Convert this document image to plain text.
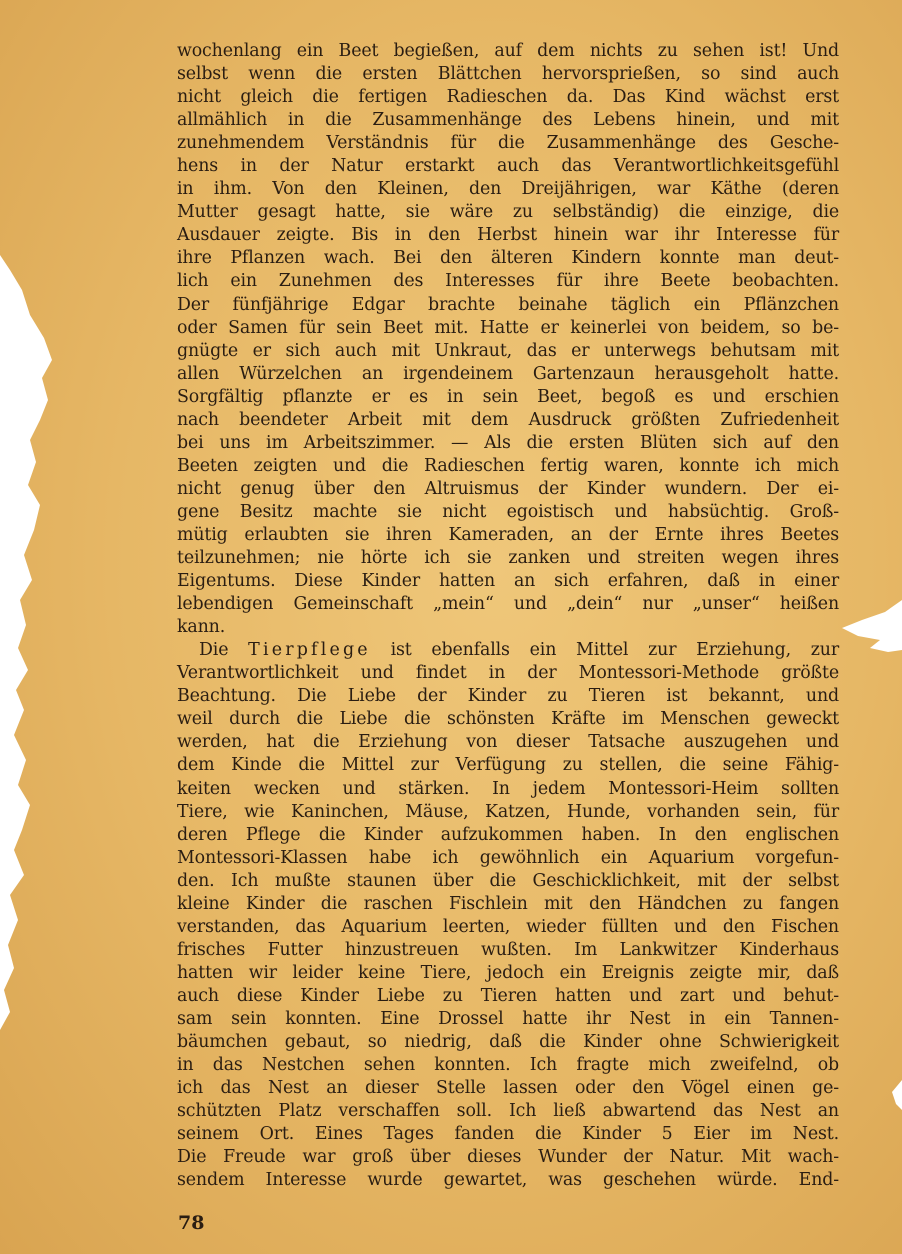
wochenlang ein Beet begießen, auf dem nichts zu sehen ist! Und
selbst wenn die ersten Blättchen hervorsprießen, so sind auch
nicht gleich die fertigen Radieschen da. Das Kind wächst erst
allmählich in die Zusammenhänge des Lebens hinein, und mit
zunehmendem Verständnis für die Zusammenhänge des Gesche-
hens in der Natur erstarkt auch das Verantwortlichkeitsgefühl
in ihm. Von den Kleinen, den Dreijährigen, war Käthe (deren
Mutter gesagt hatte, sie wäre zu selbständig) die einzige, die
Ausdauer zeigte. Bis in den Herbst hinein war ihr Interesse für
ihre Pflanzen wach. Bei den älteren Kindern konnte man deut-
lich ein Zunehmen des Interesses für ihre Beete beobachten.
Der fünfjährige Edgar brachte beinahe täglich ein Pflänzchen
oder Samen für sein Beet mit. Hatte er keinerlei von beidem, so be-
gnügte er sich auch mit Unkraut, das er unterwegs behutsam mit
allen Würzelchen an irgendeinem Gartenzaun herausgeholt hatte.
Sorgfältig pflanzte er es in sein Beet, begoß es und erschien
nach beendeter Arbeit mit dem Ausdruck größten Zufriedenheit
bei uns im Arbeitszimmer. — Als die ersten Blüten sich auf den
Beeten zeigten und die Radieschen fertig waren, konnte ich mich
nicht genug über den Altruismus der Kinder wundern. Der ei-
gene Besitz machte sie nicht egoistisch und habsüchtig. Groß-
mütig erlaubten sie ihren Kameraden, an der Ernte ihres Beetes
teilzunehmen; nie hörte ich sie zanken und streiten wegen ihres
Eigentums. Diese Kinder hatten an sich erfahren, daß in einer
lebendigen Gemeinschaft „mein“ und „dein“ nur „unser“ heißen
kann.
Die Tierpflege ist ebenfalls ein Mittel zur Erziehung, zur
Verantwortlichkeit und findet in der Montessori-Methode größte
Beachtung. Die Liebe der Kinder zu Tieren ist bekannt, und
weil durch die Liebe die schönsten Kräfte im Menschen geweckt
werden, hat die Erziehung von dieser Tatsache auszugehen und
dem Kinde die Mittel zur Verfügung zu stellen, die seine Fähig-
keiten wecken und stärken. In jedem Montessori-Heim sollten
Tiere, wie Kaninchen, Mäuse, Katzen, Hunde, vorhanden sein, für
deren Pflege die Kinder aufzukommen haben. In den englischen
Montessori-Klassen habe ich gewöhnlich ein Aquarium vorgefun-
den. Ich mußte staunen über die Geschicklichkeit, mit der selbst
kleine Kinder die raschen Fischlein mit den Händchen zu fangen
verstanden, das Aquarium leerten, wieder füllten und den Fischen
frisches Futter hinzustreuen wußten. Im Lankwitzer Kinderhaus
hatten wir leider keine Tiere, jedoch ein Ereignis zeigte mir, daß
auch diese Kinder Liebe zu Tieren hatten und zart und behut-
sam sein konnten. Eine Drossel hatte ihr Nest in ein Tannen-
bäumchen gebaut, so niedrig, daß die Kinder ohne Schwierigkeit
in das Nestchen sehen konnten. Ich fragte mich zweifelnd, ob
ich das Nest an dieser Stelle lassen oder den Vögel einen ge-
schützten Platz verschaffen soll. Ich ließ abwartend das Nest an
seinem Ort. Eines Tages fanden die Kinder 5 Eier im Nest.
Die Freude war groß über dieses Wunder der Natur. Mit wach-
sendem Interesse wurde gewartet, was geschehen würde. End-
78
